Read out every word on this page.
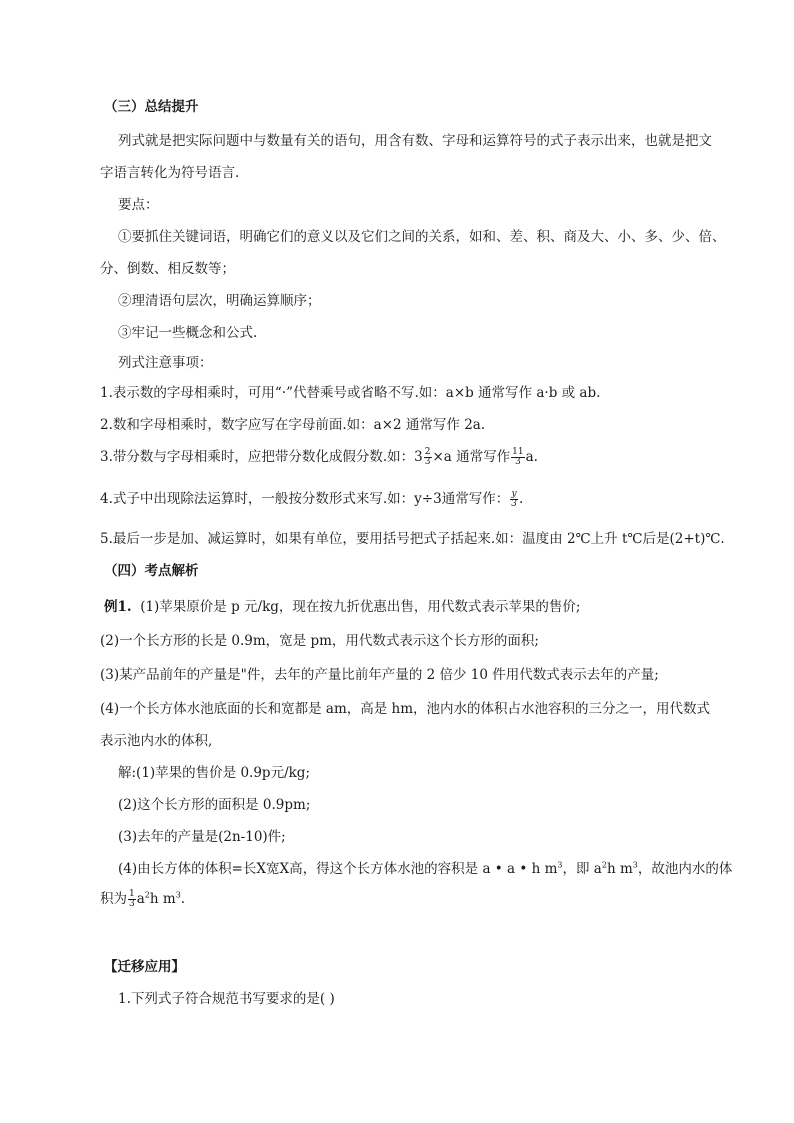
（三）总结提升
列式就是把实际问题中与数量有关的语句，用含有数、字母和运算符号的式子表示出来，也就是把文
字语言转化为符号语言.
要点：
①要抓住关键词语，明确它们的意义以及它们之间的关系，如和、差、积、商及大、小、多、少、倍、
分、倒数、相反数等；
②理清语句层次，明确运算顺序；
③牢记一些概念和公式.
列式注意事项：
1.表示数的字母相乘时，可用“·”代替乘号或省略不写.如：a×b 通常写作 a·b 或 ab.
2.数和字母相乘时，数字应写在字母前面.如：a×2 通常写作 2a.
3.带分数与字母相乘时，应把带分数化成假分数.如：$3 \frac{2}{3} \times a$ 通常写作 $\frac{11}{3} a$.
4.式子中出现除法运算时，一般按分数形式来写.如：y÷3通常写作： $\frac{y}{3}$ .
5.最后一步是加、减运算时，如果有单位，要用括号把式子括起来.如：温度由 2℃上升 t℃后是(2+t)℃.
（四）考点解析
例1. (1)苹果原价是 p 元/kg，现在按九折优惠出售，用代数式表示苹果的售价;
(2)一个长方形的长是 0.9m，宽是 pm，用代数式表示这个长方形的面积;
(3)某产品前年的产量是"件，去年的产量比前年产量的 2 倍少 10 件用代数式表示去年的产量;
(4)一个长方体水池底面的长和宽都是 am，高是 hm，池内水的体积占水池容积的三分之一，用代数式
表示池内水的体积,
解:(1)苹果的售价是 0.9p元/kg;
(2)这个长方形的面积是 0.9pm;
(3)去年的产量是(2n-10)件;
(4)由长方体的体积=长X宽X高，得这个长方体水池的容积是 a • a • h $m^3$，即 $a^2h$ $m^3$，故池内水的体
积为 $\frac{1}{3} a^2h$ $m^3$.
【迁移应用】
1.下列式子符合规范书写要求的是( )
